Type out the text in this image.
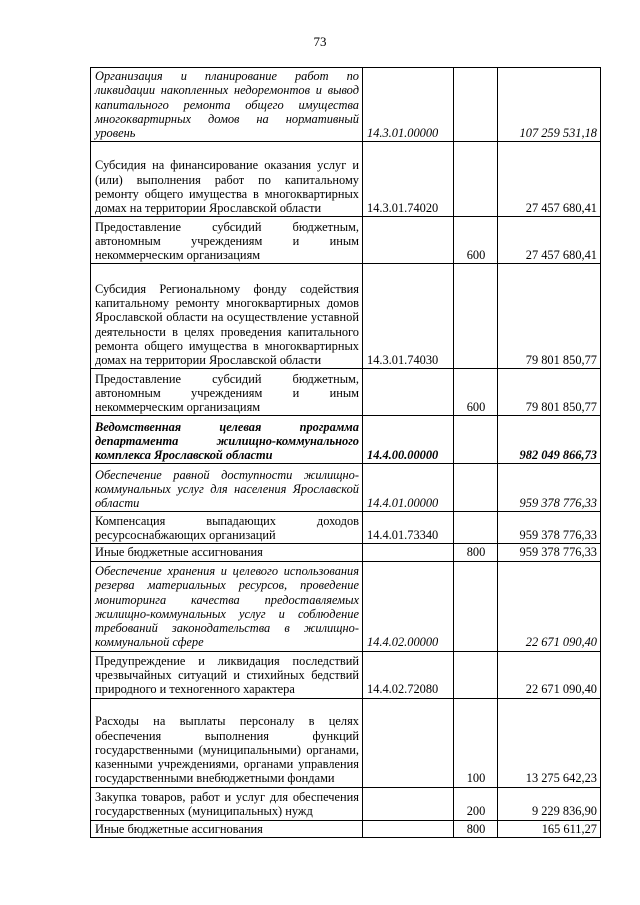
73
Организация и планирование работ по ликвидации накопленных недоремонтов и вывод капитального ремонта общего имущества многоквартирных домов на нормативный уровень	14.3.01.00000		107 259 531,18
Субсидия на финансирование оказания услуг и (или) выполнения работ по капитальному ремонту общего имущества в многоквартирных домах на территории Ярославской области	14.3.01.74020		27 457 680,41
Предоставление субсидий бюджетным, автономным учреждениям и иным некоммерческим организациям		600	27 457 680,41
Субсидия Региональному фонду содействия капитальному ремонту многоквартирных домов Ярославской области на осуществление уставной деятельности в целях проведения капитального ремонта общего имущества в многоквартирных домах на территории Ярославской области	14.3.01.74030		79 801 850,77
Предоставление субсидий бюджетным, автономным учреждениям и иным некоммерческим организациям		600	79 801 850,77
Ведомственная целевая программа департамента жилищно-коммунального комплекса Ярославской области	14.4.00.00000		982 049 866,73
Обеспечение равной доступности жилищно-коммунальных услуг для населения Ярославской области	14.4.01.00000		959 378 776,33
Компенсация выпадающих доходов ресурсоснабжающих организаций	14.4.01.73340		959 378 776,33
Иные бюджетные ассигнования		800	959 378 776,33
Обеспечение хранения и целевого использования резерва материальных ресурсов, проведение мониторинга качества предоставляемых жилищно-коммунальных услуг и соблюдение требований законодательства в жилищно-коммунальной сфере	14.4.02.00000		22 671 090,40
Предупреждение и ликвидация последствий чрезвычайных ситуаций и стихийных бедствий природного и техногенного характера	14.4.02.72080		22 671 090,40
Расходы на выплаты персоналу в целях обеспечения выполнения функций государственными (муниципальными) органами, казенными учреждениями, органами управления государственными внебюджетными фондами		100	13 275 642,23
Закупка товаров, работ и услуг для обеспечения государственных (муниципальных) нужд		200	9 229 836,90
Иные бюджетные ассигнования		800	165 611,27
